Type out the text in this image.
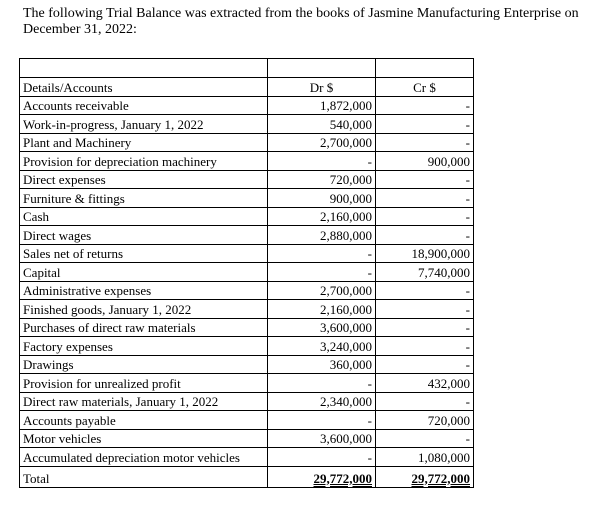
The following Trial Balance was extracted from the books of Jasmine Manufacturing Enterprise on December 31, 2022:

Details/Accounts	Dr $	Cr $
Accounts receivable	1,872,000	-
Work-in-progress, January 1, 2022	540,000	-
Plant and Machinery	2,700,000	-
Provision for depreciation machinery	-	900,000
Direct expenses	720,000	-
Furniture & fittings	900,000	-
Cash	2,160,000	-
Direct wages	2,880,000	-
Sales net of returns	-	18,900,000
Capital	-	7,740,000
Administrative expenses	2,700,000	-
Finished goods, January 1, 2022	2,160,000	-
Purchases of direct raw materials	3,600,000	-
Factory expenses	3,240,000	-
Drawings	360,000	-
Provision for unrealized profit	-	432,000
Direct raw materials, January 1, 2022	2,340,000	-
Accounts payable	-	720,000
Motor vehicles	3,600,000	-
Accumulated depreciation motor vehicles	-	1,080,000
Total	29,772,000	29,772,000
